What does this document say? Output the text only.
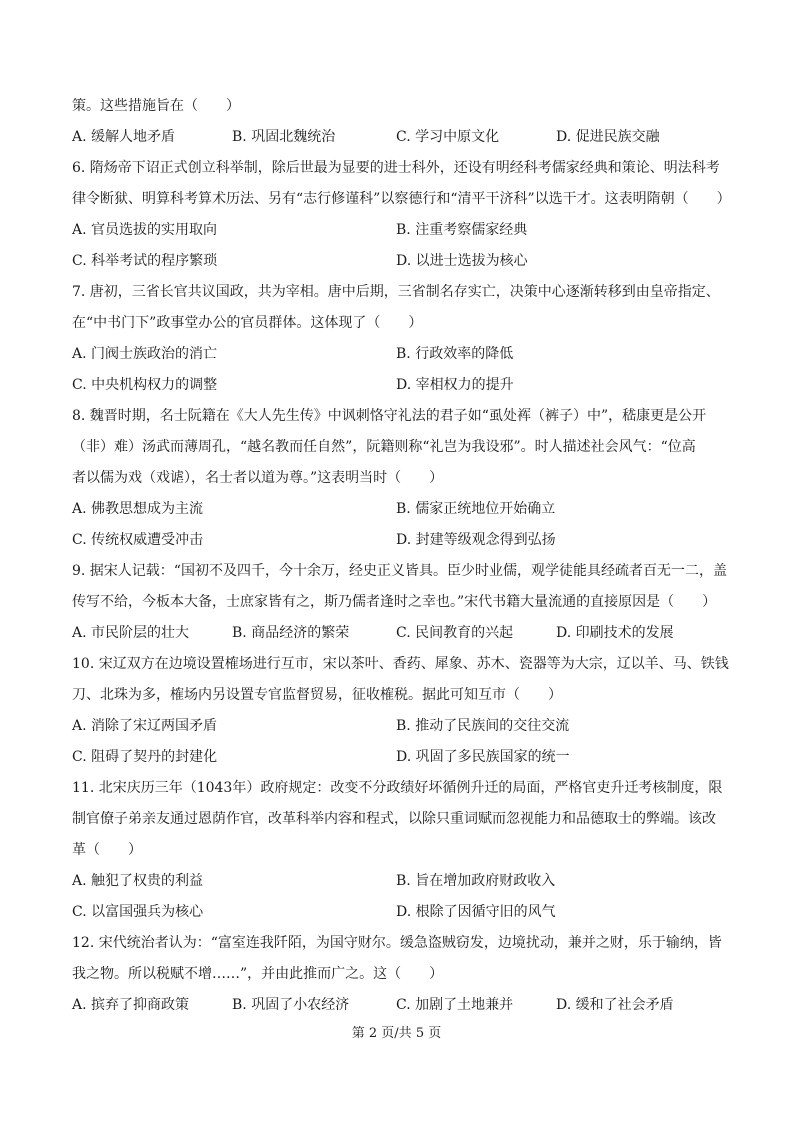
策。这些措施旨在（　　）
A. 缓解人地矛盾	B. 巩固北魏统治	C. 学习中原文化	D. 促进民族交融
6. 隋炀帝下诏正式创立科举制，除后世最为显要的进士科外，还设有明经科考儒家经典和策论、明法科考
律令断狱、明算科考算术历法、另有“志行修谨科”以察德行和“清平干济科”以选干才。这表明隋朝（　　）
A. 官员选拔的实用取向	B. 注重考察儒家经典
C. 科举考试的程序繁琐	D. 以进士选拔为核心
7. 唐初，三省长官共议国政，共为宰相。唐中后期，三省制名存实亡，决策中心逐渐转移到由皇帝指定、
在“中书门下”政事堂办公的官员群体。这体现了（　　）
A. 门阀士族政治的消亡	B. 行政效率的降低
C. 中央机构权力的调整	D. 宰相权力的提升
8. 魏晋时期，名士阮籍在《大人先生传》中讽刺恪守礼法的君子如“虱处裈（裤子）中”，嵇康更是公开
（非）难）汤武而薄周孔，“越名教而任自然”，阮籍则称“礼岂为我设邪”。时人描述社会风气：“位高
者以儒为戏（戏谑），名士者以道为尊。”这表明当时（　　）
A. 佛教思想成为主流	B. 儒家正统地位开始确立
C. 传统权威遭受冲击	D. 封建等级观念得到弘扬
9. 据宋人记载：“国初不及四千，今十余万，经史正义皆具。臣少时业儒，观学徒能具经疏者百无一二，盖
传写不给，今板本大备，士庶家皆有之，斯乃儒者逢时之幸也。”宋代书籍大量流通的直接原因是（　　）
A. 市民阶层的壮大	B. 商品经济的繁荣	C. 民间教育的兴起	D. 印刷技术的发展
10. 宋辽双方在边境设置榷场进行互市，宋以茶叶、香药、犀象、苏木、瓷器等为大宗，辽以羊、马、铁钱
刀、北珠为多，榷场内另设置专官监督贸易，征收榷税。据此可知互市（　　）
A. 消除了宋辽两国矛盾	B. 推动了民族间的交往交流
C. 阻碍了契丹的封建化	D. 巩固了多民族国家的统一
11. 北宋庆历三年（1043年）政府规定：改变不分政绩好坏循例升迁的局面，严格官吏升迁考核制度，限
制官僚子弟亲友通过恩荫作官，改革科举内容和程式，以除只重词赋而忽视能力和品德取士的弊端。该改
革（　　）
A. 触犯了权贵的利益	B. 旨在增加政府财政收入
C. 以富国强兵为核心	D. 根除了因循守旧的风气
12. 宋代统治者认为：“富室连我阡陌，为国守财尔。缓急盗贼窃发，边境扰动，兼并之财，乐于输纳，皆
我之物。所以税赋不增……”，并由此推而广之。这（　　）
A. 摈弃了抑商政策	B. 巩固了小农经济	C. 加剧了土地兼并	D. 缓和了社会矛盾
第 2 页/共 5 页
